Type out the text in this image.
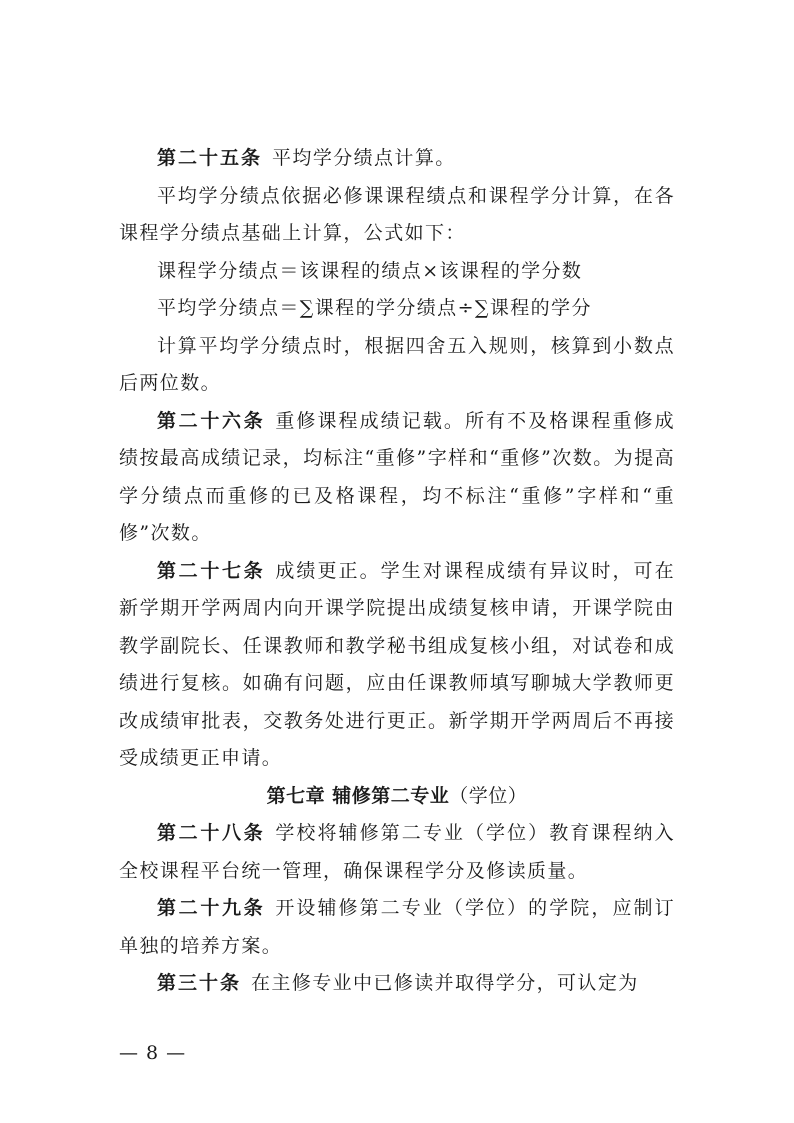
第二十五条 平均学分绩点计算。

平均学分绩点依据必修课课程绩点和课程学分计算，在各课程学分绩点基础上计算，公式如下：

课程学分绩点＝该课程的绩点×该课程的学分数

平均学分绩点＝∑课程的学分绩点÷∑课程的学分

计算平均学分绩点时，根据四舍五入规则，核算到小数点后两位数。

第二十六条 重修课程成绩记载。所有不及格课程重修成绩按最高成绩记录，均标注“重修”字样和“重修”次数。为提高学分绩点而重修的已及格课程，均不标注“重修”字样和“重修”次数。

第二十七条 成绩更正。学生对课程成绩有异议时，可在新学期开学两周内向开课学院提出成绩复核申请，开课学院由教学副院长、任课教师和教学秘书组成复核小组，对试卷和成绩进行复核。如确有问题，应由任课教师填写聊城大学教师更改成绩审批表，交教务处进行更正。新学期开学两周后不再接受成绩更正申请。

第七章 辅修第二专业（学位）

第二十八条 学校将辅修第二专业（学位）教育课程纳入全校课程平台统一管理，确保课程学分及修读质量。

第二十九条 开设辅修第二专业（学位）的学院，应制订单独的培养方案。

第三十条 在主修专业中已修读并取得学分，可认定为

— 8 —
